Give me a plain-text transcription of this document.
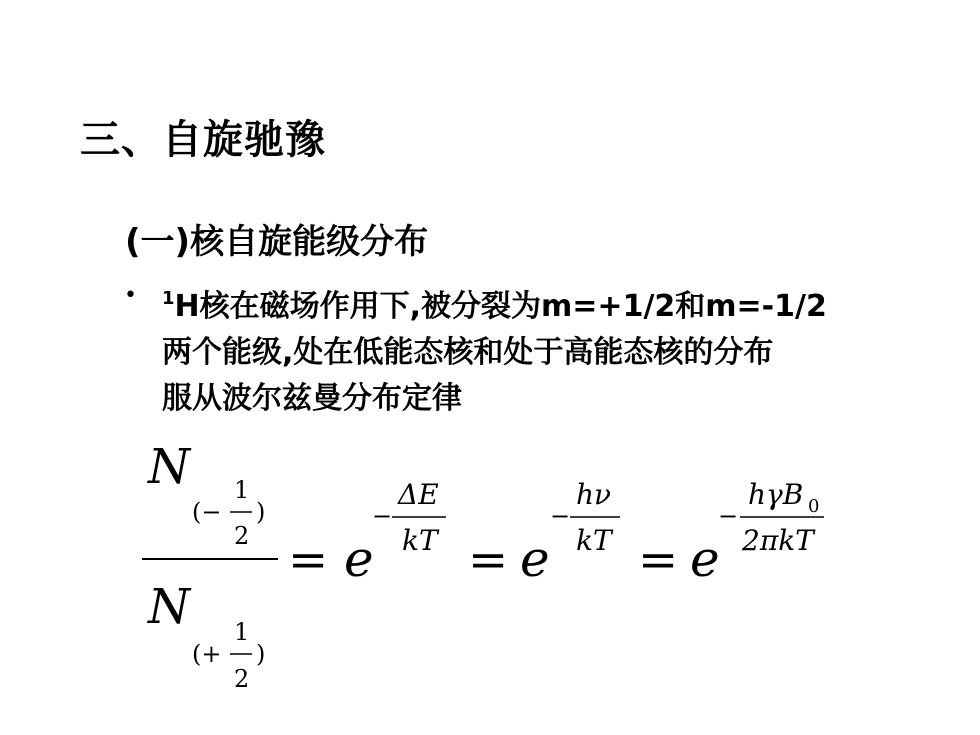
三、自旋驰豫
(一)核自旋能级分布
• $^1$H核在磁场作用下,被分裂为m=+1/2和m=-1/2
两个能级,处在低能态核和处于高能态核的分布
服从波尔兹曼分布定律
N
(−
1
2
)
N
(+
1
2
)
= e
−
ΔE
kT = e
−
hν
kT = e
−
hγB 0
2πkT
